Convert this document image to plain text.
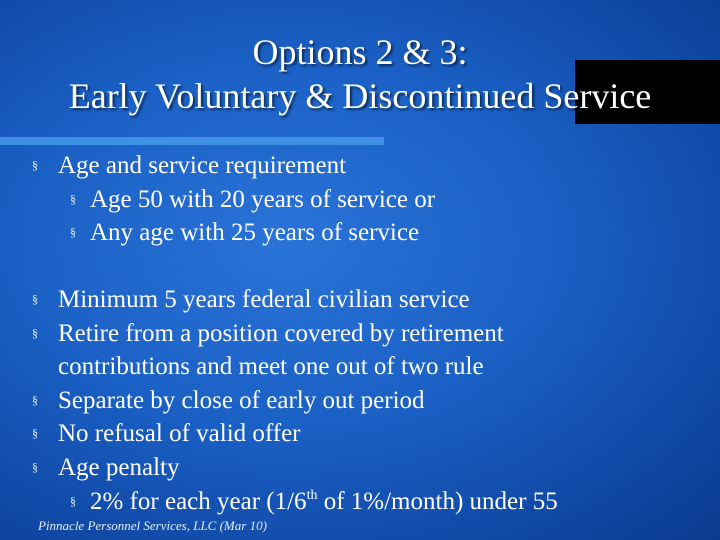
Options 2 & 3:
Early Voluntary & Discontinued Service
§ Age and service requirement
§ Age 50 with 20 years of service or
§ Any age with 25 years of service
§ Minimum 5 years federal civilian service
§ Retire from a position covered by retirement
contributions and meet one out of two rule
§ Separate by close of early out period
§ No refusal of valid offer
§ Age penalty
§ 2% for each year (1/6th of 1%/month) under 55
Pinnacle Personnel Services, LLC (Mar 10)
